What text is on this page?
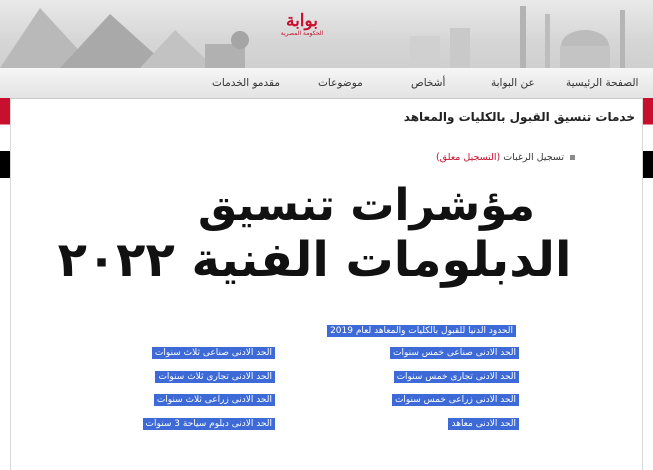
بوابة
الحكومة المصرية
الصفحة الرئيسية
عن البوابة
أشخاص
موضوعات
مقدمو الخدمات
خدمات تنسيق القبول بالكليات والمعاهد
تسجيل الرغبات (التسجيل معلق)
مؤشرات تنسيق
الدبلومات الفنية ٢٠٢٢
الحدود الدنيا للقبول بالكليات والمعاهد لعام 2019
الحد الادنى صناعى خمس سنوات
الحد الادنى تجارى خمس سنوات
الحد الادنى زراعى خمس سنوات
الحد الادنى معاهد
الحد الادنى صناعى ثلاث سنوات
الحد الادنى تجارى ثلاث سنوات
الحد الادنى زراعى ثلاث سنوات
الحد الادنى دبلوم سياحة 3 سنوات
